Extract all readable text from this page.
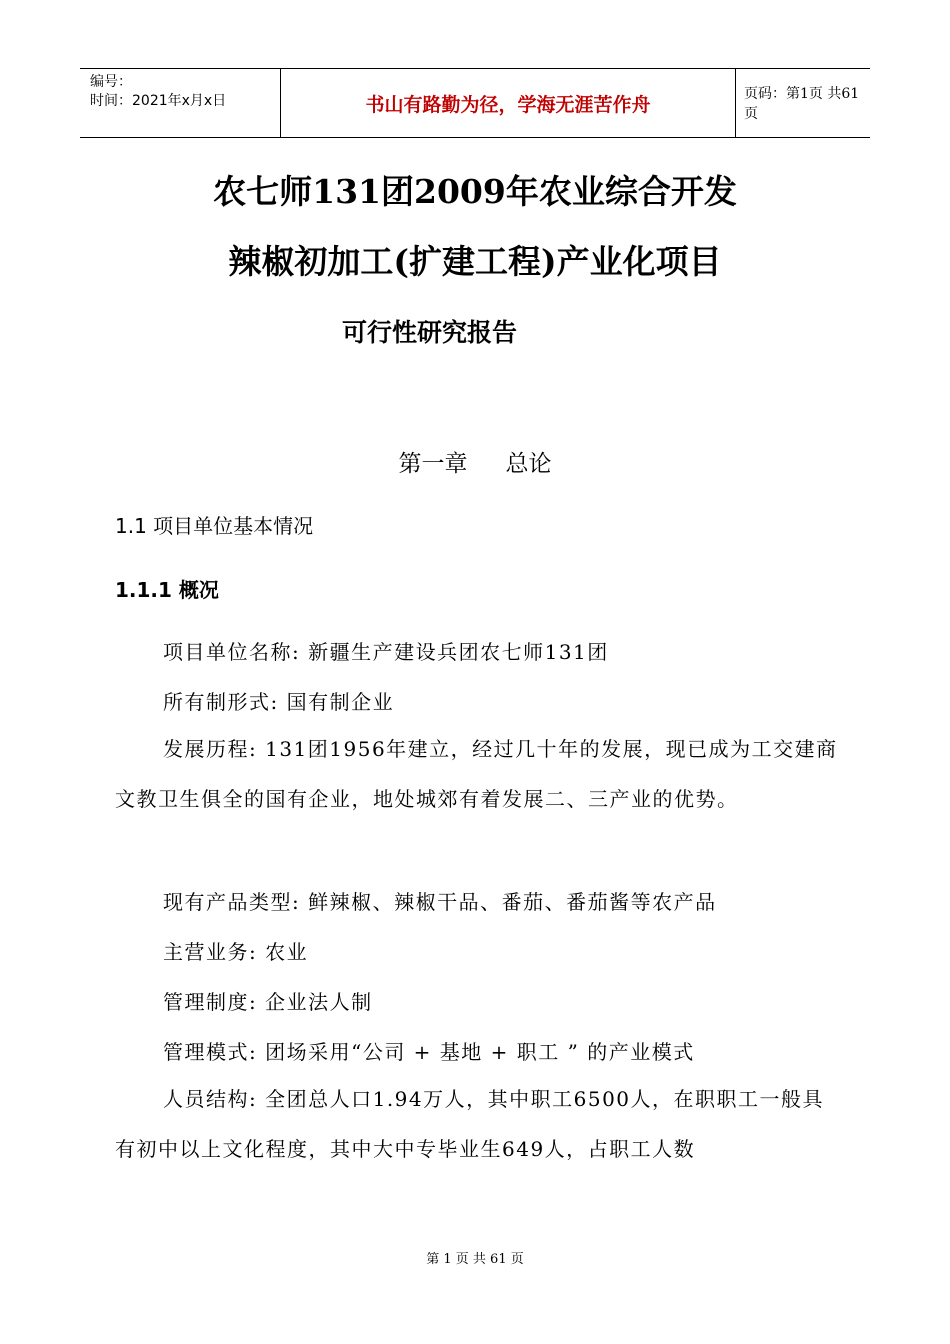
编号：
时间：2021年x月x日	书山有路勤为径，学海无涯苦作舟	页码：第1页 共61页
农七师131团2009年农业综合开发
辣椒初加工(扩建工程)产业化项目
可行性研究报告
第一章 总论
1.1 项目单位基本情况
1.1.1 概况
项目单位名称: 新疆生产建设兵团农七师131团
所有制形式: 国有制企业
发展历程: 131团1956年建立，经过几十年的发展，现已成为工交建商文教卫生俱全的国有企业，地处城郊有着发展二、三产业的优势。
现有产品类型: 鲜辣椒、辣椒干品、番茄、番茄酱等农产品
主营业务: 农业
管理制度: 企业法人制
管理模式: 团场采用“公司 + 基地 + 职工 ” 的产业模式
人员结构: 全团总人口1.94万人，其中职工6500人，在职职工一般具有初中以上文化程度，其中大中专毕业生649人，占职工人数
第 1 页 共 61 页
